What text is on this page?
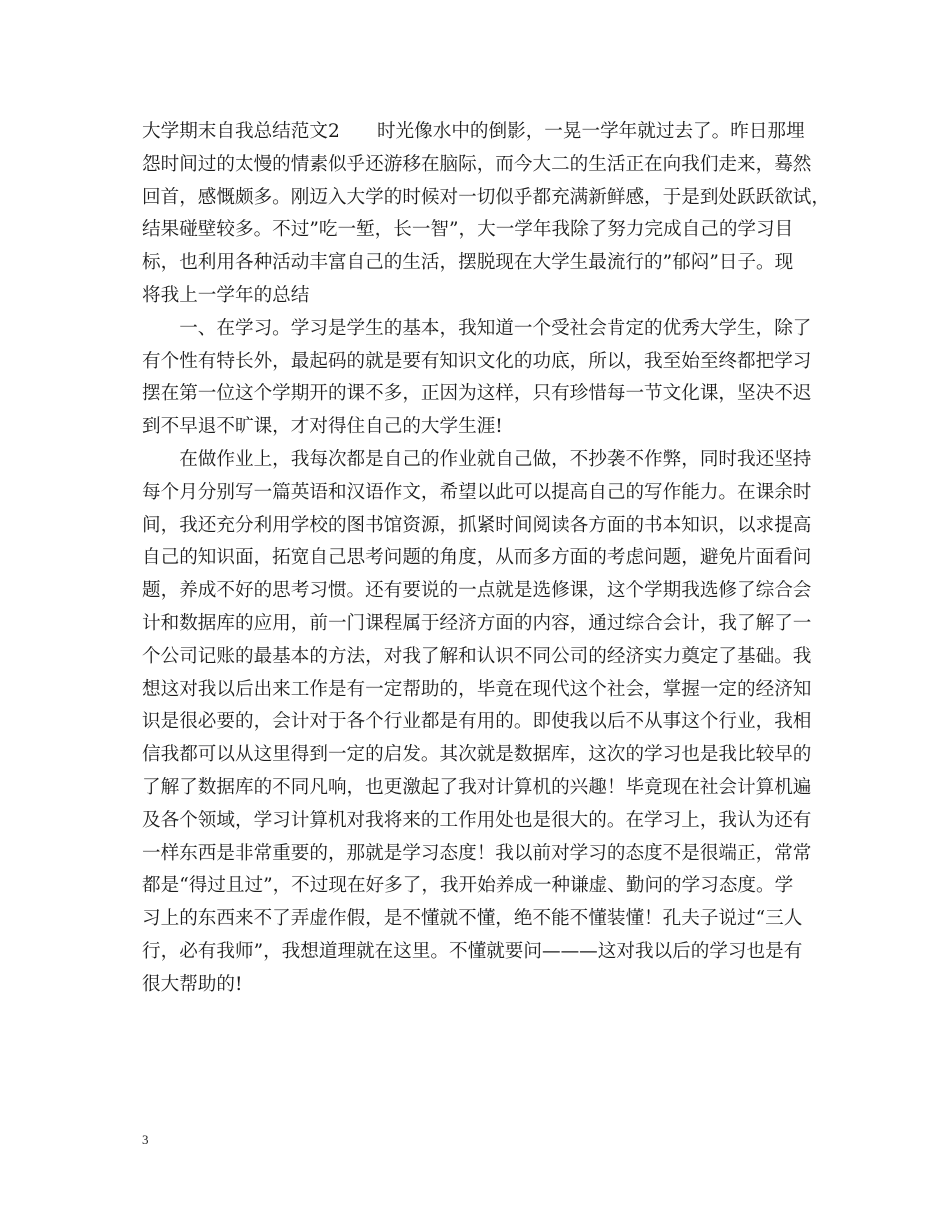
大学期末自我总结范文2　　时光像水中的倒影，一晃一学年就过去了。昨日那埋
怨时间过的太慢的情素似乎还游移在脑际，而今大二的生活正在向我们走来，蓦然
回首，感慨颇多。刚迈入大学的时候对一切似乎都充满新鲜感，于是到处跃跃欲试，
结果碰壁较多。不过”吃一堑，长一智”，大一学年我除了努力完成自己的学习目
标，也利用各种活动丰富自己的生活，摆脱现在大学生最流行的”郁闷”日子。现
将我上一学年的总结
　　一、在学习。学习是学生的基本，我知道一个受社会肯定的优秀大学生，除了
有个性有特长外，最起码的就是要有知识文化的功底，所以，我至始至终都把学习
摆在第一位这个学期开的课不多，正因为这样，只有珍惜每一节文化课，坚决不迟
到不早退不旷课，才对得住自己的大学生涯!
　　在做作业上，我每次都是自己的作业就自己做，不抄袭不作弊，同时我还坚持
每个月分别写一篇英语和汉语作文，希望以此可以提高自己的写作能力。在课余时
间，我还充分利用学校的图书馆资源，抓紧时间阅读各方面的书本知识，以求提高
自己的知识面，拓宽自己思考问题的角度，从而多方面的考虑问题，避免片面看问
题，养成不好的思考习惯。还有要说的一点就是选修课，这个学期我选修了综合会
计和数据库的应用，前一门课程属于经济方面的内容，通过综合会计，我了解了一
个公司记账的最基本的方法，对我了解和认识不同公司的经济实力奠定了基础。我
想这对我以后出来工作是有一定帮助的，毕竟在现代这个社会，掌握一定的经济知
识是很必要的，会计对于各个行业都是有用的。即使我以后不从事这个行业，我相
信我都可以从这里得到一定的启发。其次就是数据库，这次的学习也是我比较早的
了解了数据库的不同凡响，也更激起了我对计算机的兴趣！毕竟现在社会计算机遍
及各个领域，学习计算机对我将来的工作用处也是很大的。在学习上，我认为还有
一样东西是非常重要的，那就是学习态度！我以前对学习的态度不是很端正，常常
都是“得过且过”，不过现在好多了，我开始养成一种谦虚、勤问的学习态度。学
习上的东西来不了弄虚作假，是不懂就不懂，绝不能不懂装懂！孔夫子说过“三人
行，必有我师”，我想道理就在这里。不懂就要问———这对我以后的学习也是有
很大帮助的!
3
